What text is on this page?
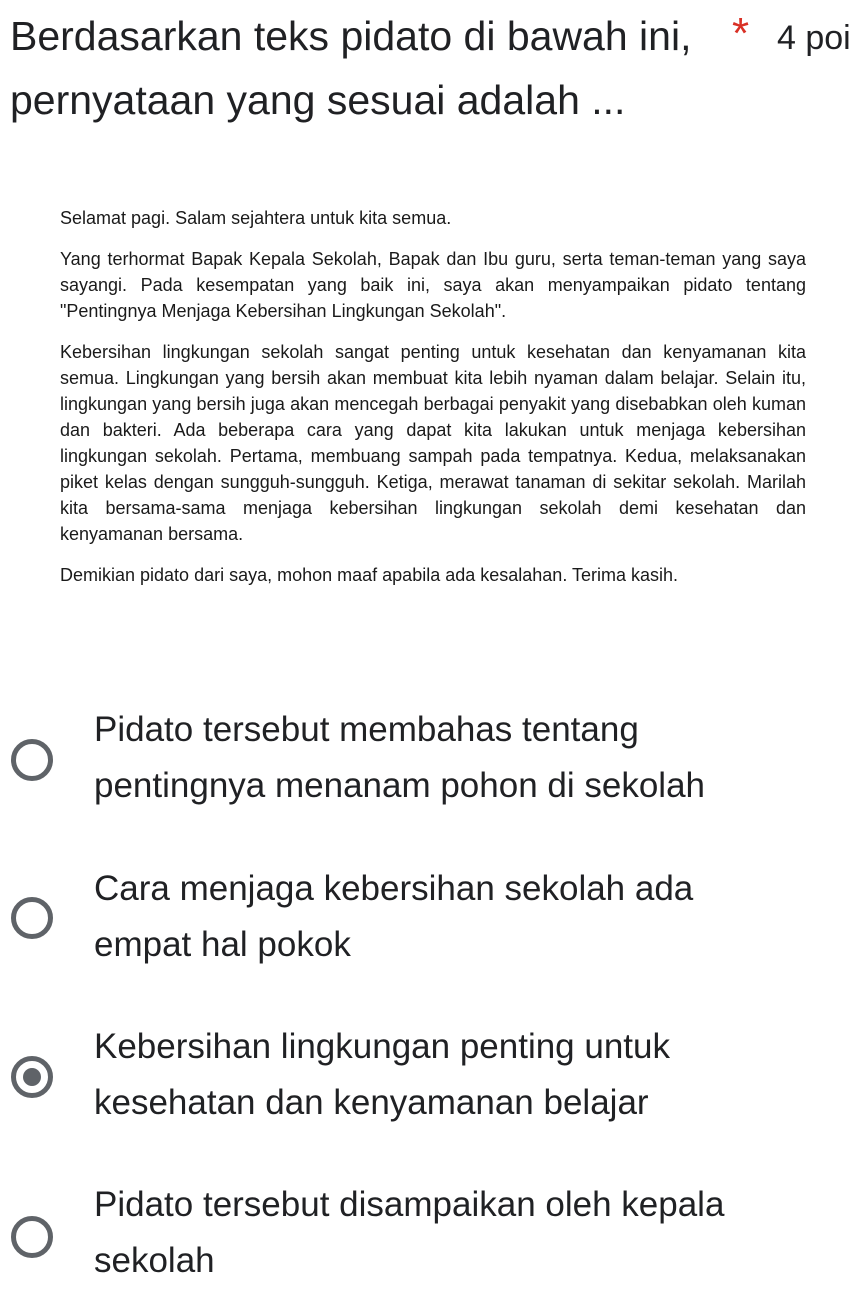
Berdasarkan teks pidato di bawah ini, * 4 poi
pernyataan yang sesuai adalah ...

Selamat pagi. Salam sejahtera untuk kita semua.

Yang terhormat Bapak Kepala Sekolah, Bapak dan Ibu guru, serta teman-teman yang saya sayangi. Pada kesempatan yang baik ini, saya akan menyampaikan pidato tentang "Pentingnya Menjaga Kebersihan Lingkungan Sekolah".

Kebersihan lingkungan sekolah sangat penting untuk kesehatan dan kenyamanan kita semua. Lingkungan yang bersih akan membuat kita lebih nyaman dalam belajar. Selain itu, lingkungan yang bersih juga akan mencegah berbagai penyakit yang disebabkan oleh kuman dan bakteri. Ada beberapa cara yang dapat kita lakukan untuk menjaga kebersihan lingkungan sekolah. Pertama, membuang sampah pada tempatnya. Kedua, melaksanakan piket kelas dengan sungguh-sungguh. Ketiga, merawat tanaman di sekitar sekolah. Marilah kita bersama-sama menjaga kebersihan lingkungan sekolah demi kesehatan dan kenyamanan bersama.

Demikian pidato dari saya, mohon maaf apabila ada kesalahan. Terima kasih.

Pidato tersebut membahas tentang
pentingnya menanam pohon di sekolah
Cara menjaga kebersihan sekolah ada
empat hal pokok
Kebersihan lingkungan penting untuk
kesehatan dan kenyamanan belajar
Pidato tersebut disampaikan oleh kepala
sekolah
